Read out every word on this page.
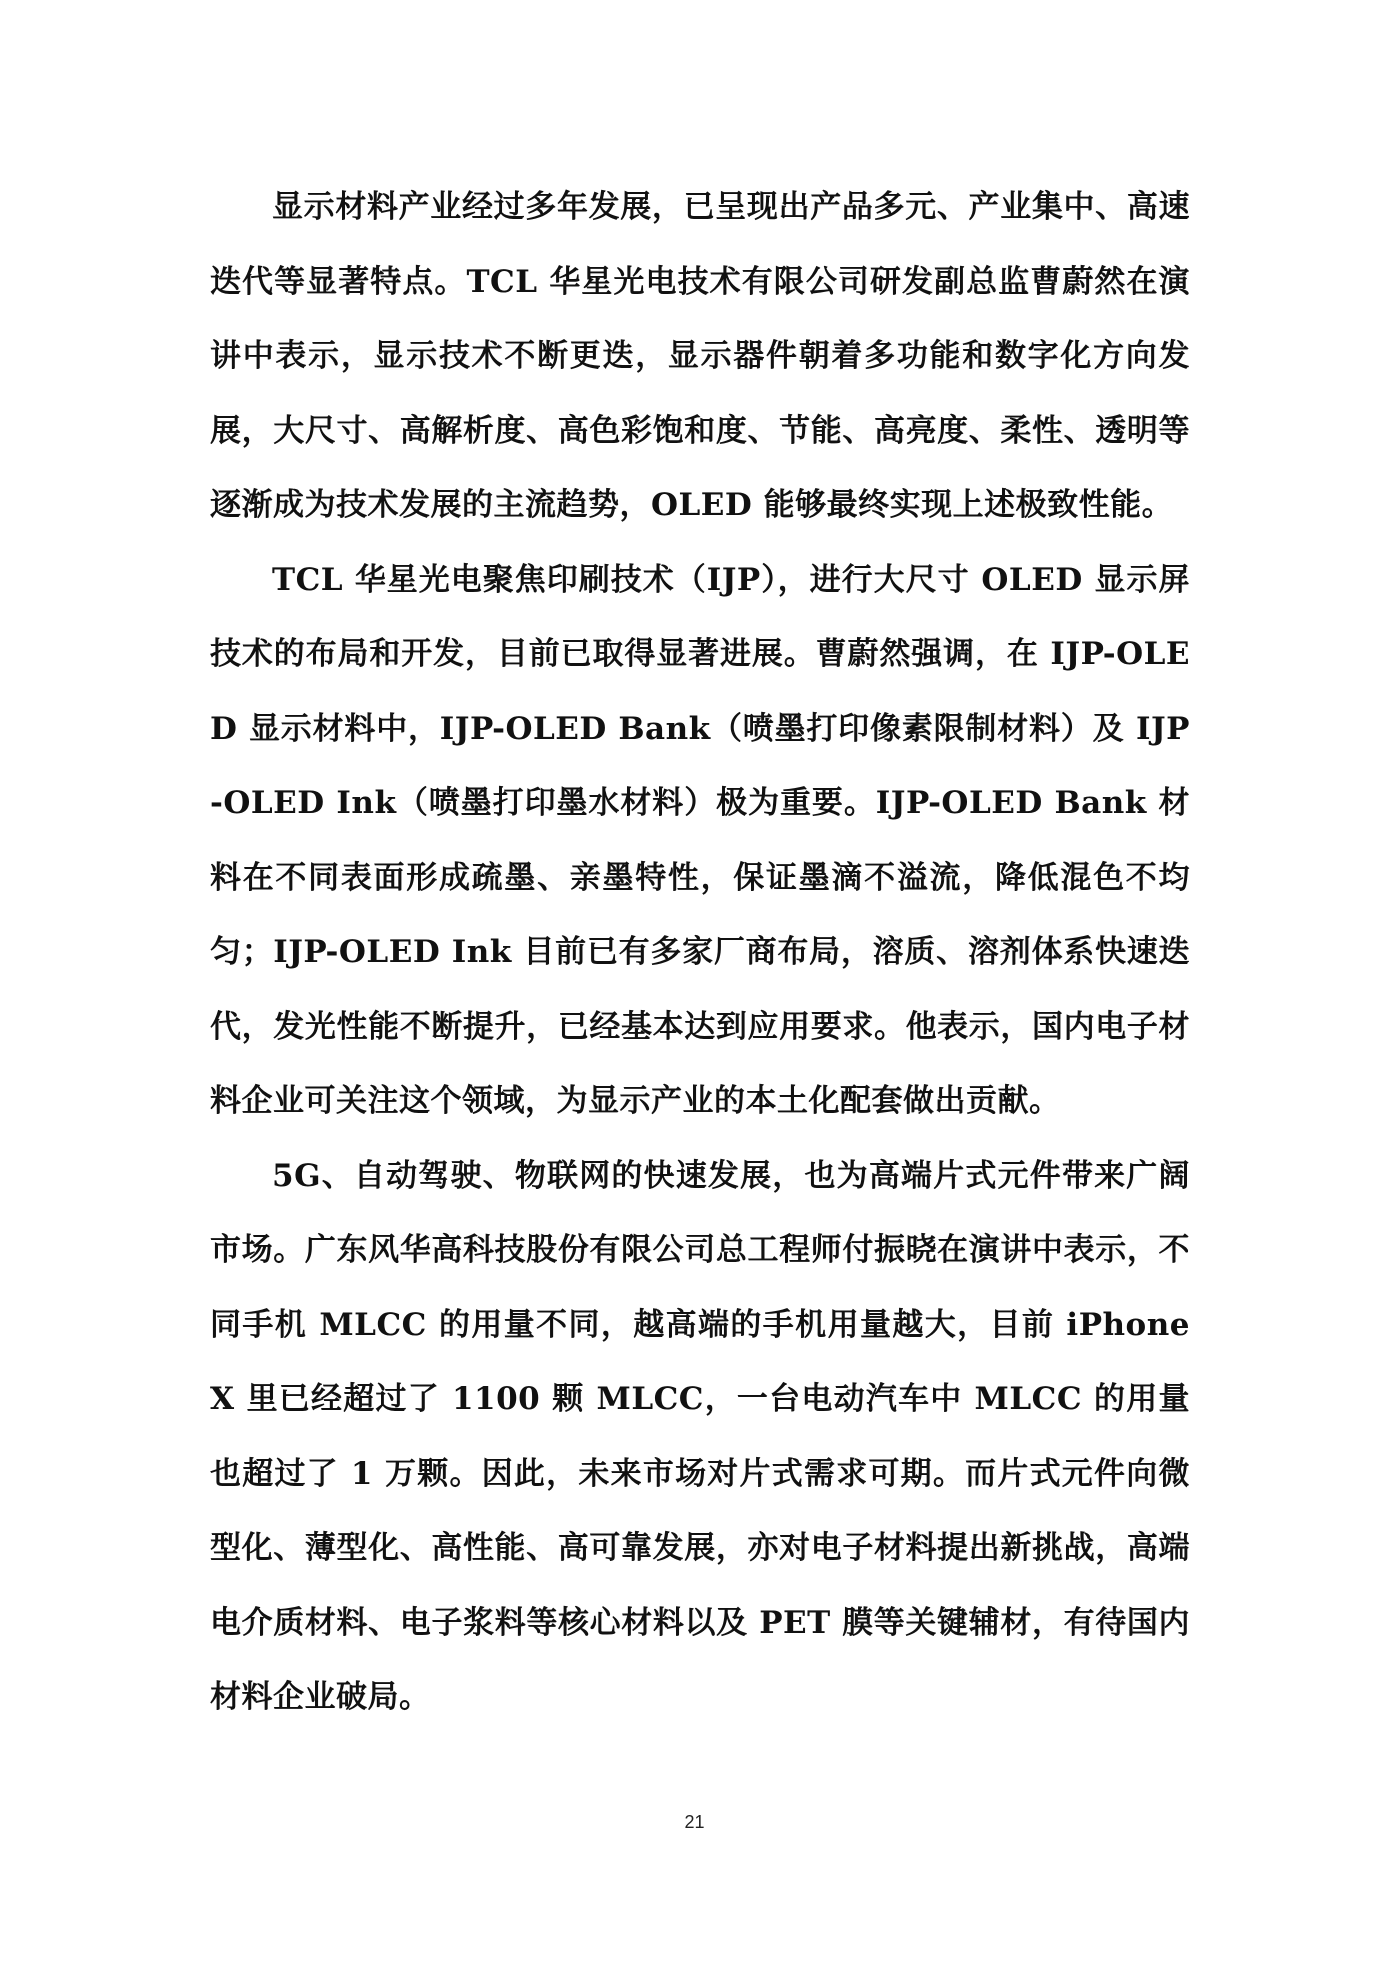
显示材料产业经过多年发展，已呈现出产品多元、产业集中、高速迭代等显著特点。TCL 华星光电技术有限公司研发副总监曹蔚然在演讲中表示，显示技术不断更迭，显示器件朝着多功能和数字化方向发展，大尺寸、高解析度、高色彩饱和度、节能、高亮度、柔性、透明等逐渐成为技术发展的主流趋势，OLED 能够最终实现上述极致性能。

TCL 华星光电聚焦印刷技术（IJP），进行大尺寸 OLED 显示屏技术的布局和开发，目前已取得显著进展。曹蔚然强调，在 IJP-OLED 显示材料中，IJP-OLED Bank（喷墨打印像素限制材料）及 IJP-OLED Ink（喷墨打印墨水材料）极为重要。IJP-OLED Bank 材料在不同表面形成疏墨、亲墨特性，保证墨滴不溢流，降低混色不均匀；IJP-OLED Ink 目前已有多家厂商布局，溶质、溶剂体系快速迭代，发光性能不断提升，已经基本达到应用要求。他表示，国内电子材料企业可关注这个领域，为显示产业的本土化配套做出贡献。

5G、自动驾驶、物联网的快速发展，也为高端片式元件带来广阔市场。广东风华高科技股份有限公司总工程师付振晓在演讲中表示，不同手机 MLCC 的用量不同，越高端的手机用量越大，目前 iPhoneX 里已经超过了 1100 颗 MLCC，一台电动汽车中 MLCC 的用量也超过了 1 万颗。因此，未来市场对片式需求可期。而片式元件向微型化、薄型化、高性能、高可靠发展，亦对电子材料提出新挑战，高端电介质材料、电子浆料等核心材料以及 PET 膜等关键辅材，有待国内材料企业破局。

21
